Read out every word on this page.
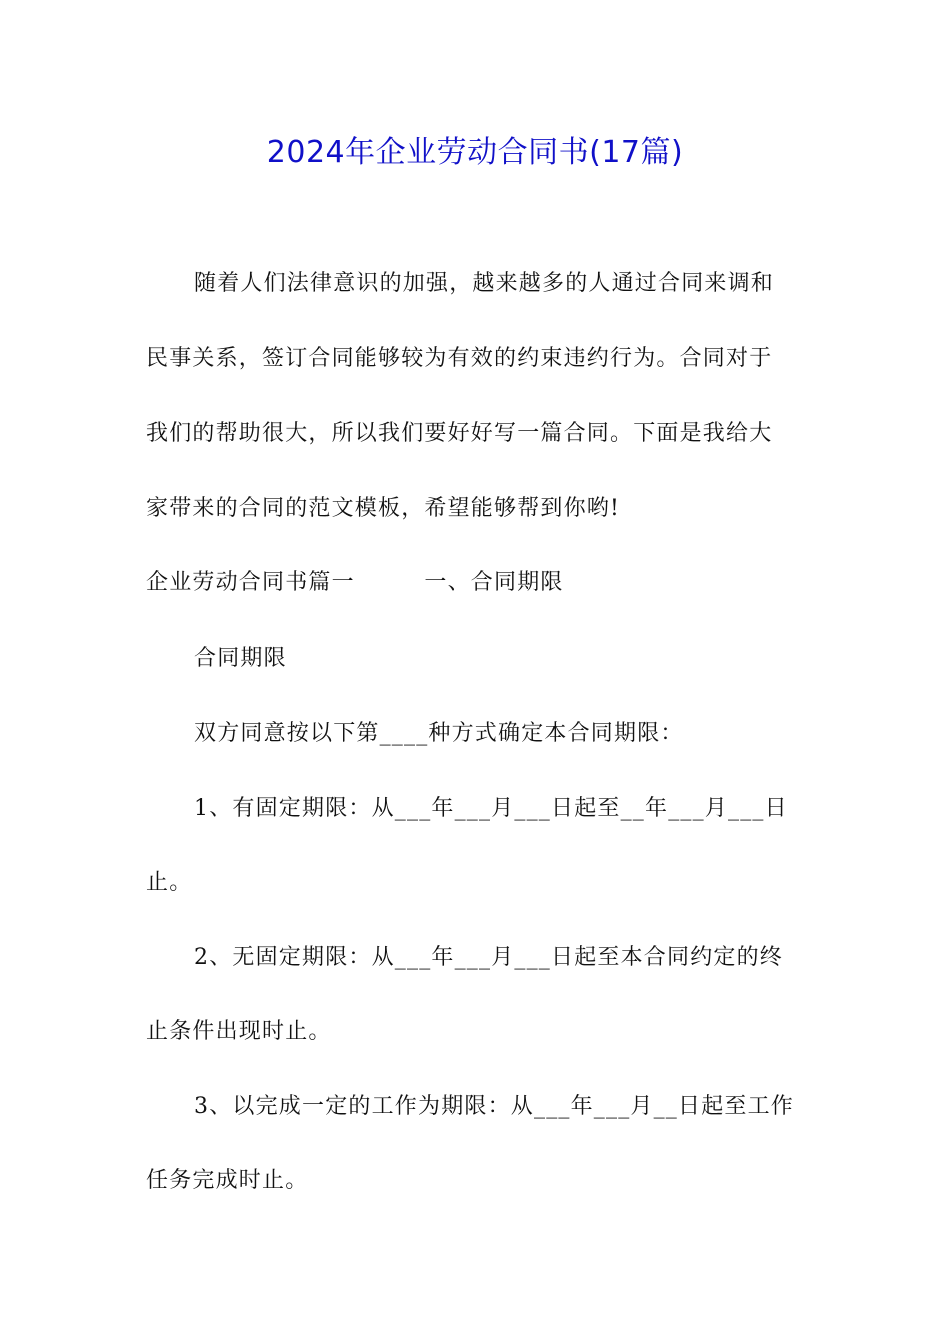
2024年企业劳动合同书(17篇)
随着人们法律意识的加强，越来越多的人通过合同来调和
民事关系，签订合同能够较为有效的约束违约行为。合同对于
我们的帮助很大，所以我们要好好写一篇合同。下面是我给大
家带来的合同的范文模板，希望能够帮到你哟!
企业劳动合同书篇一　　　一、合同期限
合同期限
双方同意按以下第____种方式确定本合同期限：
1、有固定期限：从___年___月___日起至__年___月___日
止。
2、无固定期限：从___年___月___日起至本合同约定的终
止条件出现时止。
3、以完成一定的工作为期限：从___年___月__日起至工作
任务完成时止。
